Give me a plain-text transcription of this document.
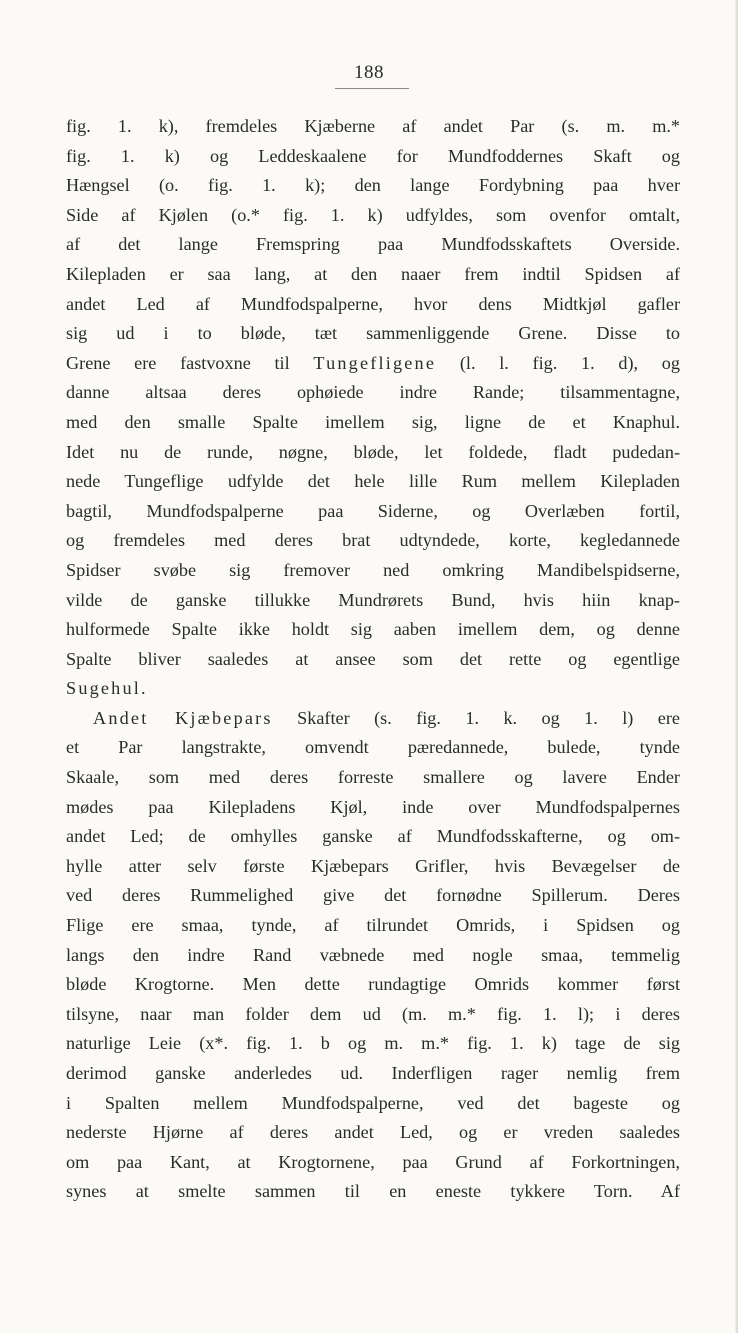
188
fig. 1. k), fremdeles Kjæberne af andet Par (s. m. m.*
fig. 1. k) og Leddeskaalene for Mundfoddernes Skaft og
Hængsel (o. fig. 1. k); den lange Fordybning paa hver
Side af Kjølen (o.* fig. 1. k) udfyldes, som ovenfor omtalt,
af det lange Fremspring paa Mundfodsskaftets Overside.
Kilepladen er saa lang, at den naaer frem indtil Spidsen af
andet Led af Mundfodspalperne, hvor dens Midtkjøl gafler
sig ud i to bløde, tæt sammenliggende Grene. Disse to
Grene ere fastvoxne til Tungefligene (l. l. fig. 1. d), og
danne altsaa deres ophøiede indre Rande; tilsammentagne,
med den smalle Spalte imellem sig, ligne de et Knaphul.
Idet nu de runde, nøgne, bløde, let foldede, fladt pudedan-
nede Tungeflige udfylde det hele lille Rum mellem Kilepladen
bagtil, Mundfodspalperne paa Siderne, og Overlæben fortil,
og fremdeles med deres brat udtyndede, korte, kegledannede
Spidser svøbe sig fremover ned omkring Mandibelspidserne,
vilde de ganske tillukke Mundrørets Bund, hvis hiin knap-
hulformede Spalte ikke holdt sig aaben imellem dem, og denne
Spalte bliver saaledes at ansee som det rette og egentlige
Sugehul.
Andet Kjæbepars Skafter (s. fig. 1. k. og 1. l) ere
et Par langstrakte, omvendt pæredannede, bulede, tynde
Skaale, som med deres forreste smallere og lavere Ender
mødes paa Kilepladens Kjøl, inde over Mundfodspalpernes
andet Led; de omhylles ganske af Mundfodsskafterne, og om-
hylle atter selv første Kjæbepars Grifler, hvis Bevægelser de
ved deres Rummelighed give det fornødne Spillerum. Deres
Flige ere smaa, tynde, af tilrundet Omrids, i Spidsen og
langs den indre Rand væbnede med nogle smaa, temmelig
bløde Krogtorne. Men dette rundagtige Omrids kommer først
tilsyne, naar man folder dem ud (m. m.* fig. 1. l); i deres
naturlige Leie (x*. fig. 1. b og m. m.* fig. 1. k) tage de sig
derimod ganske anderledes ud. Inderfligen rager nemlig frem
i Spalten mellem Mundfodspalperne, ved det bageste og
nederste Hjørne af deres andet Led, og er vreden saaledes
om paa Kant, at Krogtornene, paa Grund af Forkortningen,
synes at smelte sammen til en eneste tykkere Torn. Af
